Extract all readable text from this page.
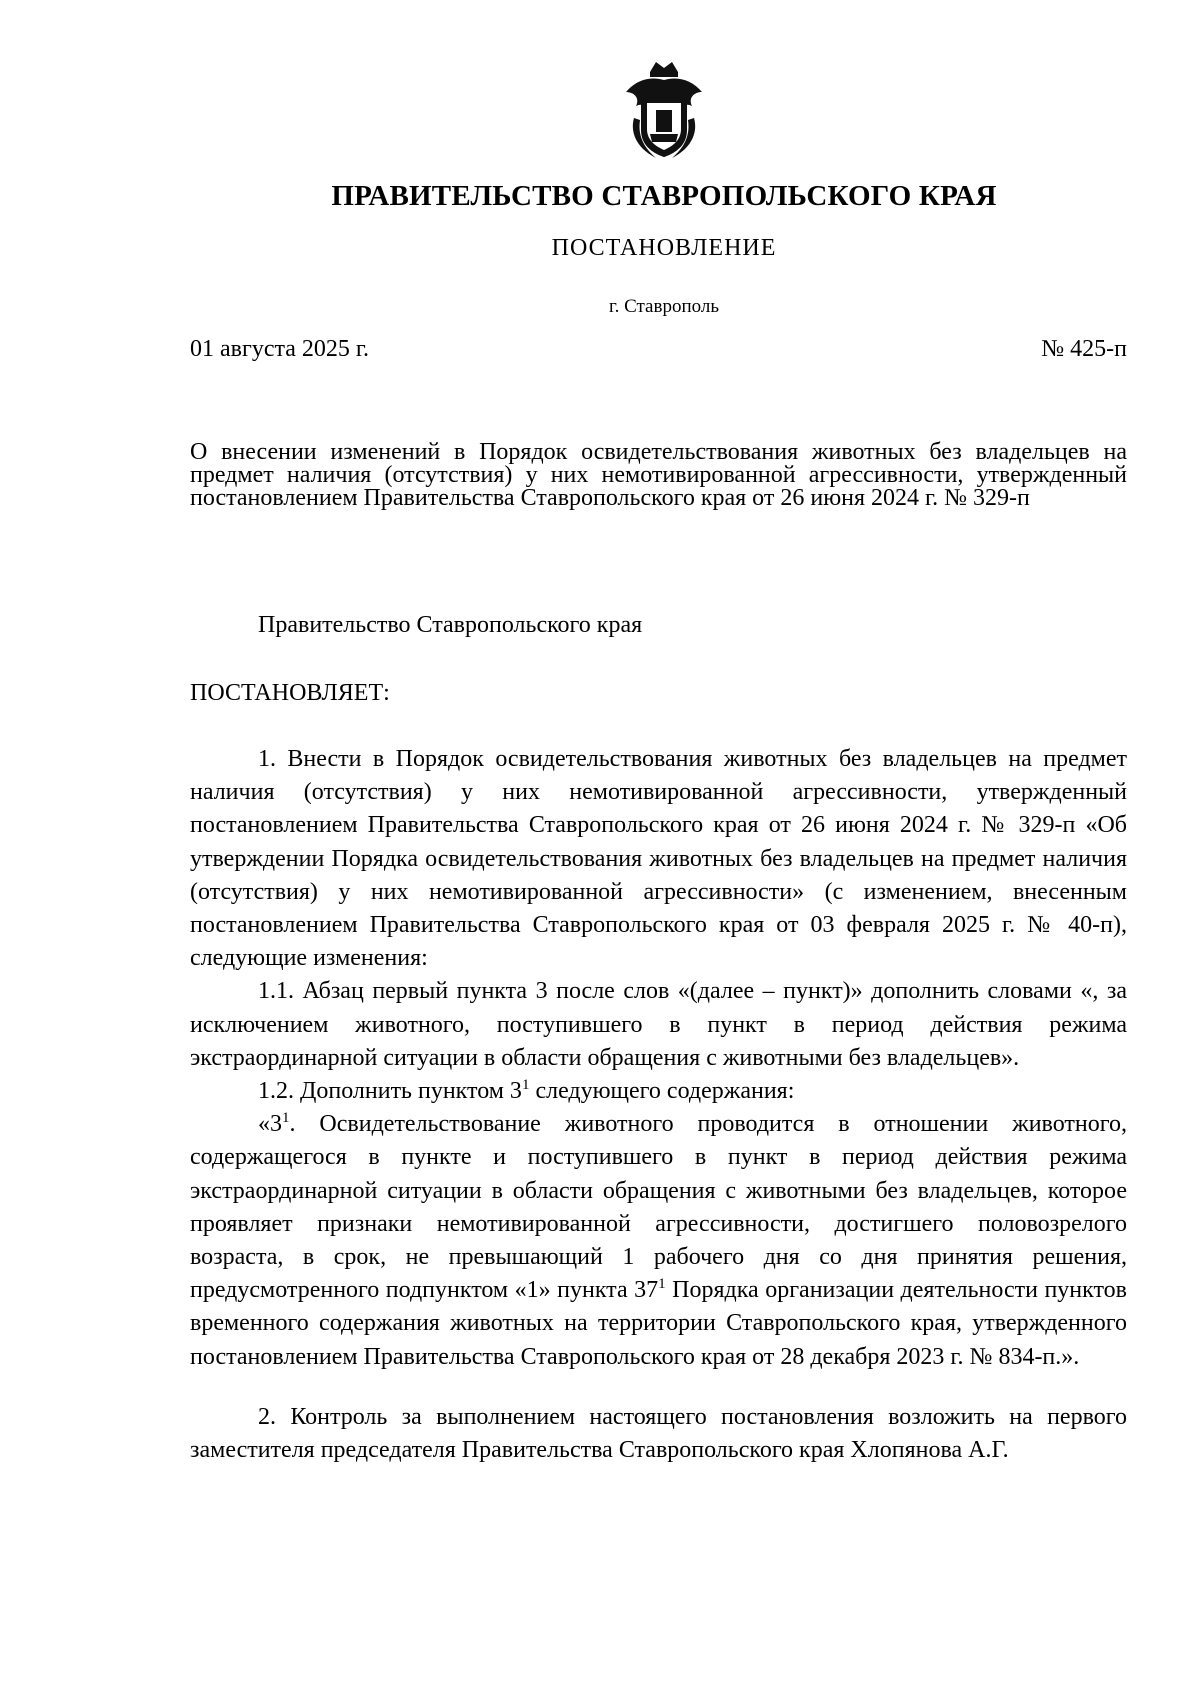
ПРАВИТЕЛЬСТВО СТАВРОПОЛЬСКОГО КРАЯ
ПОСТАНОВЛЕНИЕ
г. Ставрополь
01 августа 2025 г.	№ 425-п
О внесении изменений в Порядок освидетельствования животных без владельцев на предмет наличия (отсутствия) у них немотивированной агрессивности, утвержденный постановлением Правительства Ставропольского края от 26 июня 2024 г. № 329-п
Правительство Ставропольского края
ПОСТАНОВЛЯЕТ:

1. Внести в Порядок освидетельствования животных без владельцев на предмет наличия (отсутствия) у них немотивированной агрессивности, утвержденный постановлением Правительства Ставропольского края от 26 июня 2024 г. № 329-п «Об утверждении Порядка освидетельствования животных без владельцев на предмет наличия (отсутствия) у них немотивированной агрессивности» (с изменением, внесенным постановлением Правительства Ставропольского края от 03 февраля 2025 г. № 40-п), следующие изменения:

1.1. Абзац первый пункта 3 после слов «(далее – пункт)» дополнить словами «, за исключением животного, поступившего в пункт в период действия режима экстраординарной ситуации в области обращения с животными без владельцев».

1.2. Дополнить пунктом $3^1$ следующего содержания:

«$3^1$. Освидетельствование животного проводится в отношении животного, содержащегося в пункте и поступившего в пункт в период действия режима экстраординарной ситуации в области обращения с животными без владельцев, которое проявляет признаки немотивированной агрессивности, достигшего половозрелого возраста, в срок, не превышающий 1 рабочего дня со дня принятия решения, предусмотренного подпунктом «1» пункта $37^1$ Порядка организации деятельности пунктов временного содержания животных на территории Ставропольского края, утвержденного постановлением Правительства Ставропольского края от 28 декабря 2023 г. № 834-п.».

2. Контроль за выполнением настоящего постановления возложить на первого заместителя председателя Правительства Ставропольского края Хлопянова А.Г.
